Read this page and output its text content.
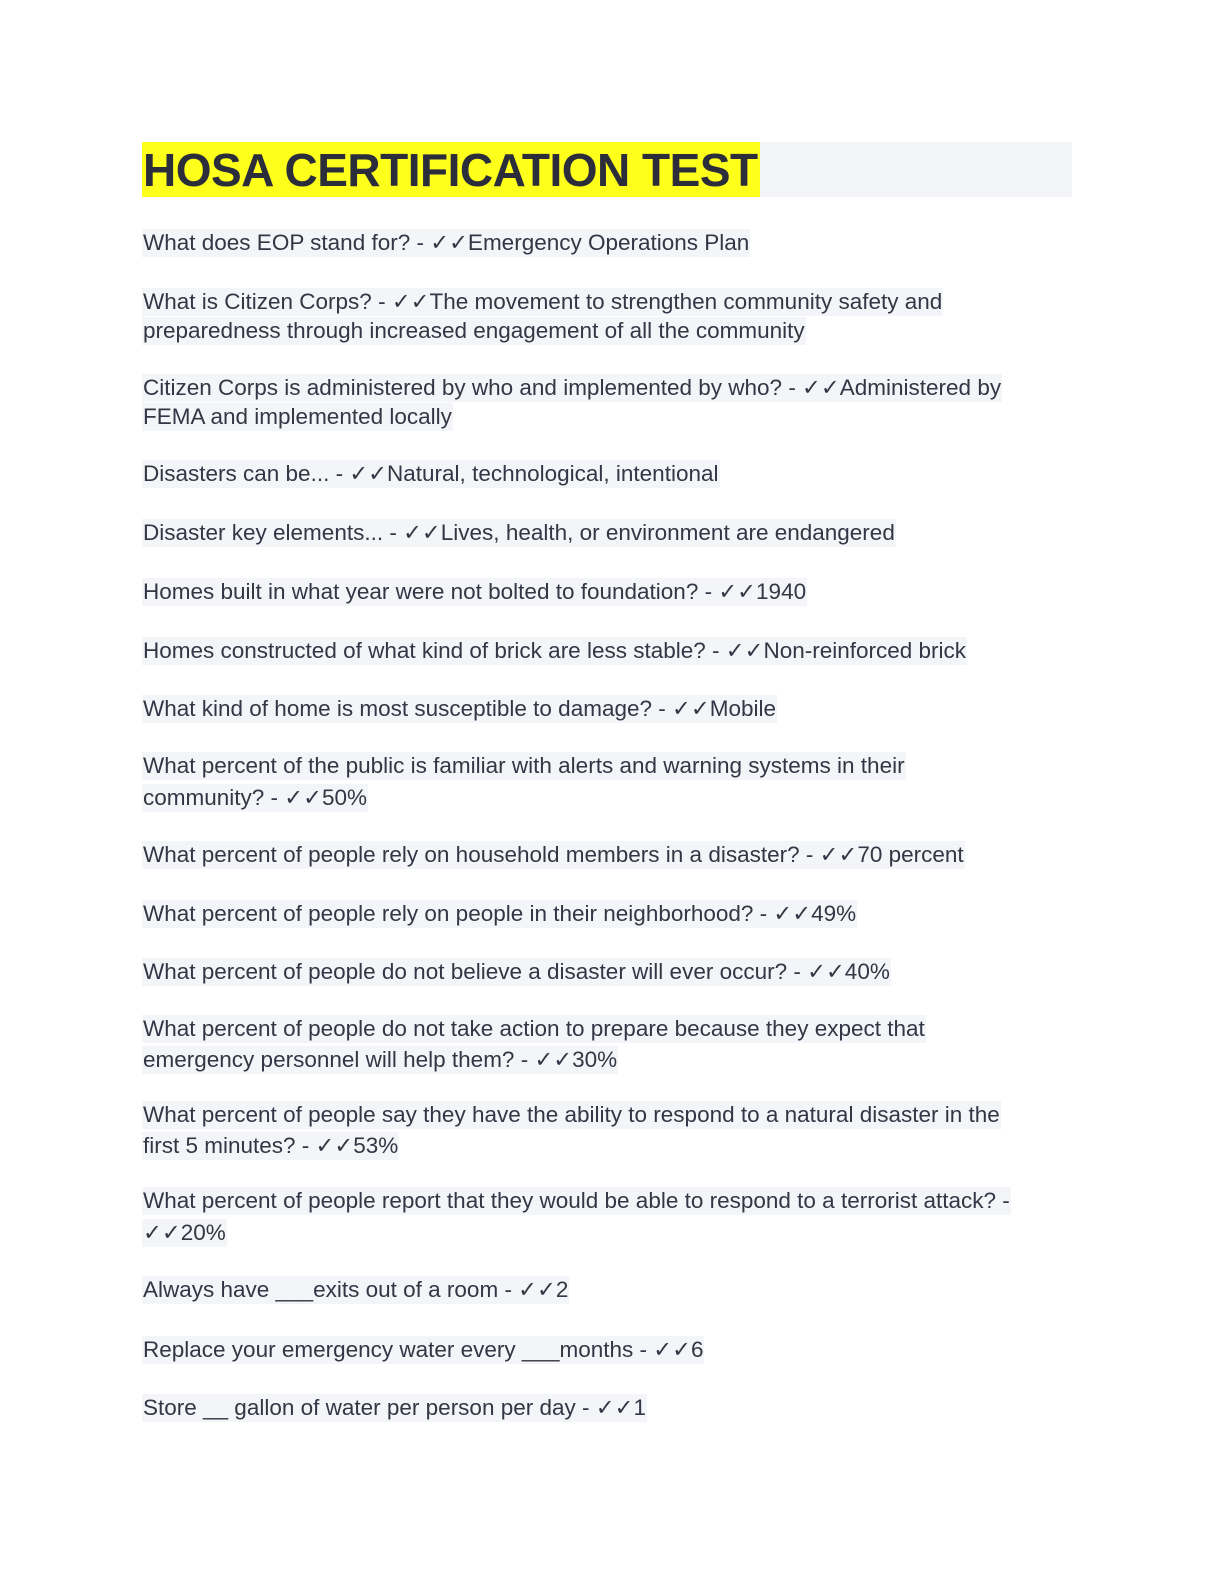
HOSA CERTIFICATION TEST
What does EOP stand for? - ✓✓Emergency Operations Plan
What is Citizen Corps? - ✓✓The movement to strengthen community safety and
preparedness through increased engagement of all the community
Citizen Corps is administered by who and implemented by who? - ✓✓Administered by
FEMA and implemented locally
Disasters can be... - ✓✓Natural, technological, intentional
Disaster key elements... - ✓✓Lives, health, or environment are endangered
Homes built in what year were not bolted to foundation? - ✓✓1940
Homes constructed of what kind of brick are less stable? - ✓✓Non-reinforced brick
What kind of home is most susceptible to damage? - ✓✓Mobile
What percent of the public is familiar with alerts and warning systems in their
community? - ✓✓50%
What percent of people rely on household members in a disaster? - ✓✓70 percent
What percent of people rely on people in their neighborhood? - ✓✓49%
What percent of people do not believe a disaster will ever occur? - ✓✓40%
What percent of people do not take action to prepare because they expect that
emergency personnel will help them? - ✓✓30%
What percent of people say they have the ability to respond to a natural disaster in the
first 5 minutes? - ✓✓53%
What percent of people report that they would be able to respond to a terrorist attack? -
✓✓20%
Always have ___exits out of a room - ✓✓2
Replace your emergency water every ___months - ✓✓6
Store __ gallon of water per person per day - ✓✓1
